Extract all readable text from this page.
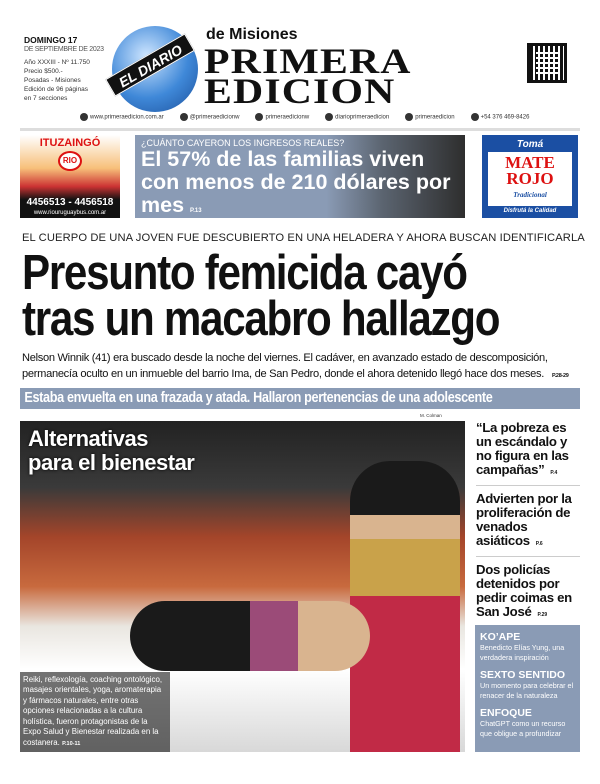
DOMINGO 17
DE SEPTIEMBRE DE 2023
Año XXXIII - Nº 11.750
Precio $500.-
Posadas - Misiones
Edición de 96 páginas
en 7 secciones
EL DIARIO
de Misiones
PRIMERA
EDICION
www.primeraedicion.com.ar	@primeraedicionw	primeraedicionw	diarioprimeraedicion	primeraedicion	+54 376 469-8426
ITUZAINGÓ
RIO
4456513 - 4456518
www.riouruguaybus.com.ar
¿CUÁNTO CAYERON LOS INGRESOS REALES?
El 57% de las familias viven con menos de 210 dólares por mes P.13
Tomá
MATE
ROJO
Tradicional
Disfrutá la Calidad
EL CUERPO DE UNA JOVEN FUE DESCUBIERTO EN UNA HELADERA Y AHORA BUSCAN IDENTIFICARLA
Presunto femicida cayó
tras un macabro hallazgo
Nelson Winnik (41) era buscado desde la noche del viernes. El cadáver, en avanzado estado de descomposición, permanecía oculto en un inmueble del barrio Ima, de San Pedro, donde el ahora detenido llegó hace dos meses. P.28-29
Estaba envuelta en una frazada y atada. Hallaron pertenencias de una adolescente
M. Colman
Alternativas
para el bienestar
Reiki, reflexología, coaching ontológico, masajes orientales, yoga, aromaterapia y fármacos naturales, entre otras opciones relacionadas a la cultura holística, fueron protagonistas de la Expo Salud y Bienestar realizada en la costanera. P.10-11
“La pobreza es un escándalo y no figura en las campañas” P.4
Advierten por la proliferación de venados asiáticos P.6
Dos policías detenidos por pedir coimas en San José P.29
KO’APE

Benedicto Elías Yung, una verdadera inspiración

SEXTO SENTIDO

Un momento para celebrar el renacer de la naturaleza

ENFOQUE

ChatGPT como un recurso que obligue a profundizar
